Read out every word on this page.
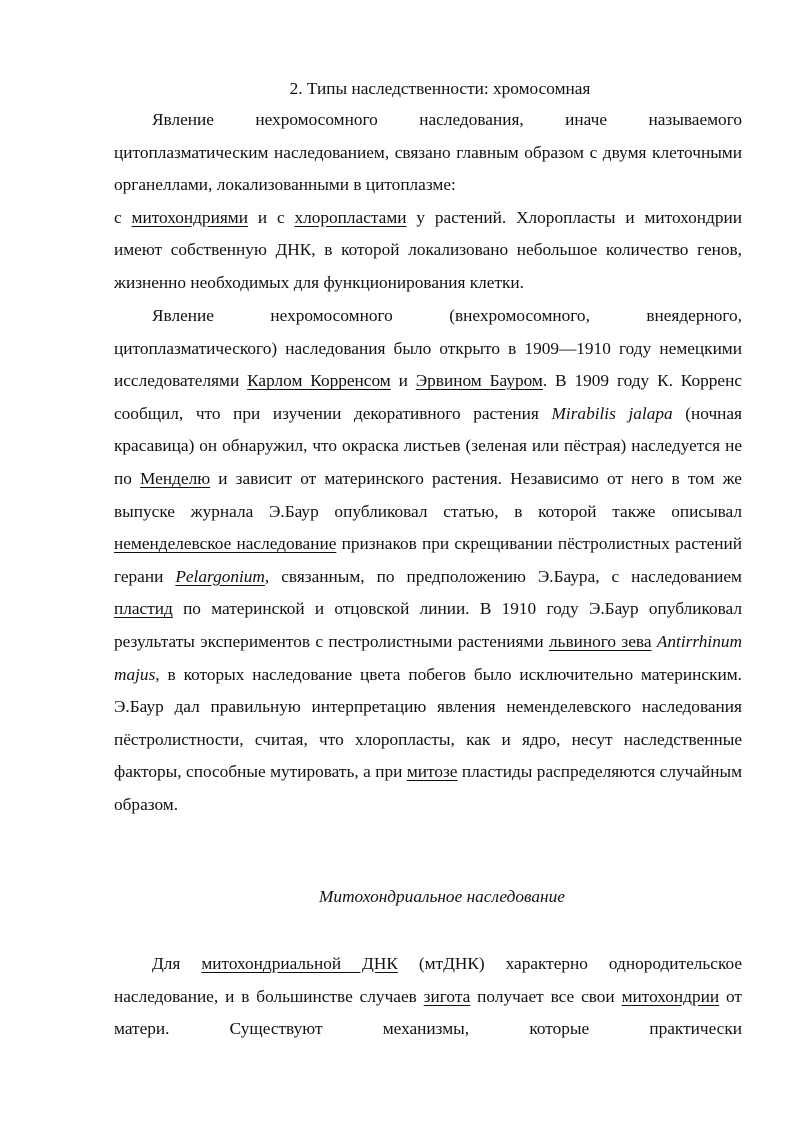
2. Типы наследственности: хромосомная

Явление нехромосомного наследования, иначе называемого цитоплазматическим наследованием, связано главным образом с двумя клеточными органеллами, локализованными в цитоплазме:
с митохондриями и с хлоропластами у растений. Хлоропласты и митохондрии имеют собственную ДНК, в которой локализовано небольшое количество генов, жизненно необходимых для функционирования клетки.

Явление нехромосомного (внехромосомного, внеядерного, цитоплазматического) наследования было открыто в 1909—1910 году немецкими исследователями Карлом Корренсом и Эрвином Бауром. В 1909 году К. Корренс сообщил, что при изучении декоративного растения Mirabilis jalapa (ночная красавица) он обнаружил, что окраска листьев (зеленая или пёстрая) наследуется не по Менделю и зависит от материнского растения. Независимо от него в том же выпуске журнала Э.Баур опубликовал статью, в которой также описывал неменделевское наследование признаков при скрещивании пёстролистных растений герани Pelargonium, связанным, по предположению Э.Баура, с наследованием пластид по материнской и отцовской линии. В 1910 году Э.Баур опубликовал результаты экспериментов с пестролистными растениями львиного зева Antirrhinum majus, в которых наследование цвета побегов было исключительно материнским. Э.Баур дал правильную интерпретацию явления неменделевского наследования пёстролистности, считая, что хлоропласты, как и ядро, несут наследственные факторы, способные мутировать, а при митозе пластиды распределяются случайным образом.

Митохондриальное наследование

Для митохондриальной ДНК (мтДНК) характерно однородительское наследование, и в большинстве случаев зигота получает все свои митохондрии от матери. Существуют механизмы, которые практически
